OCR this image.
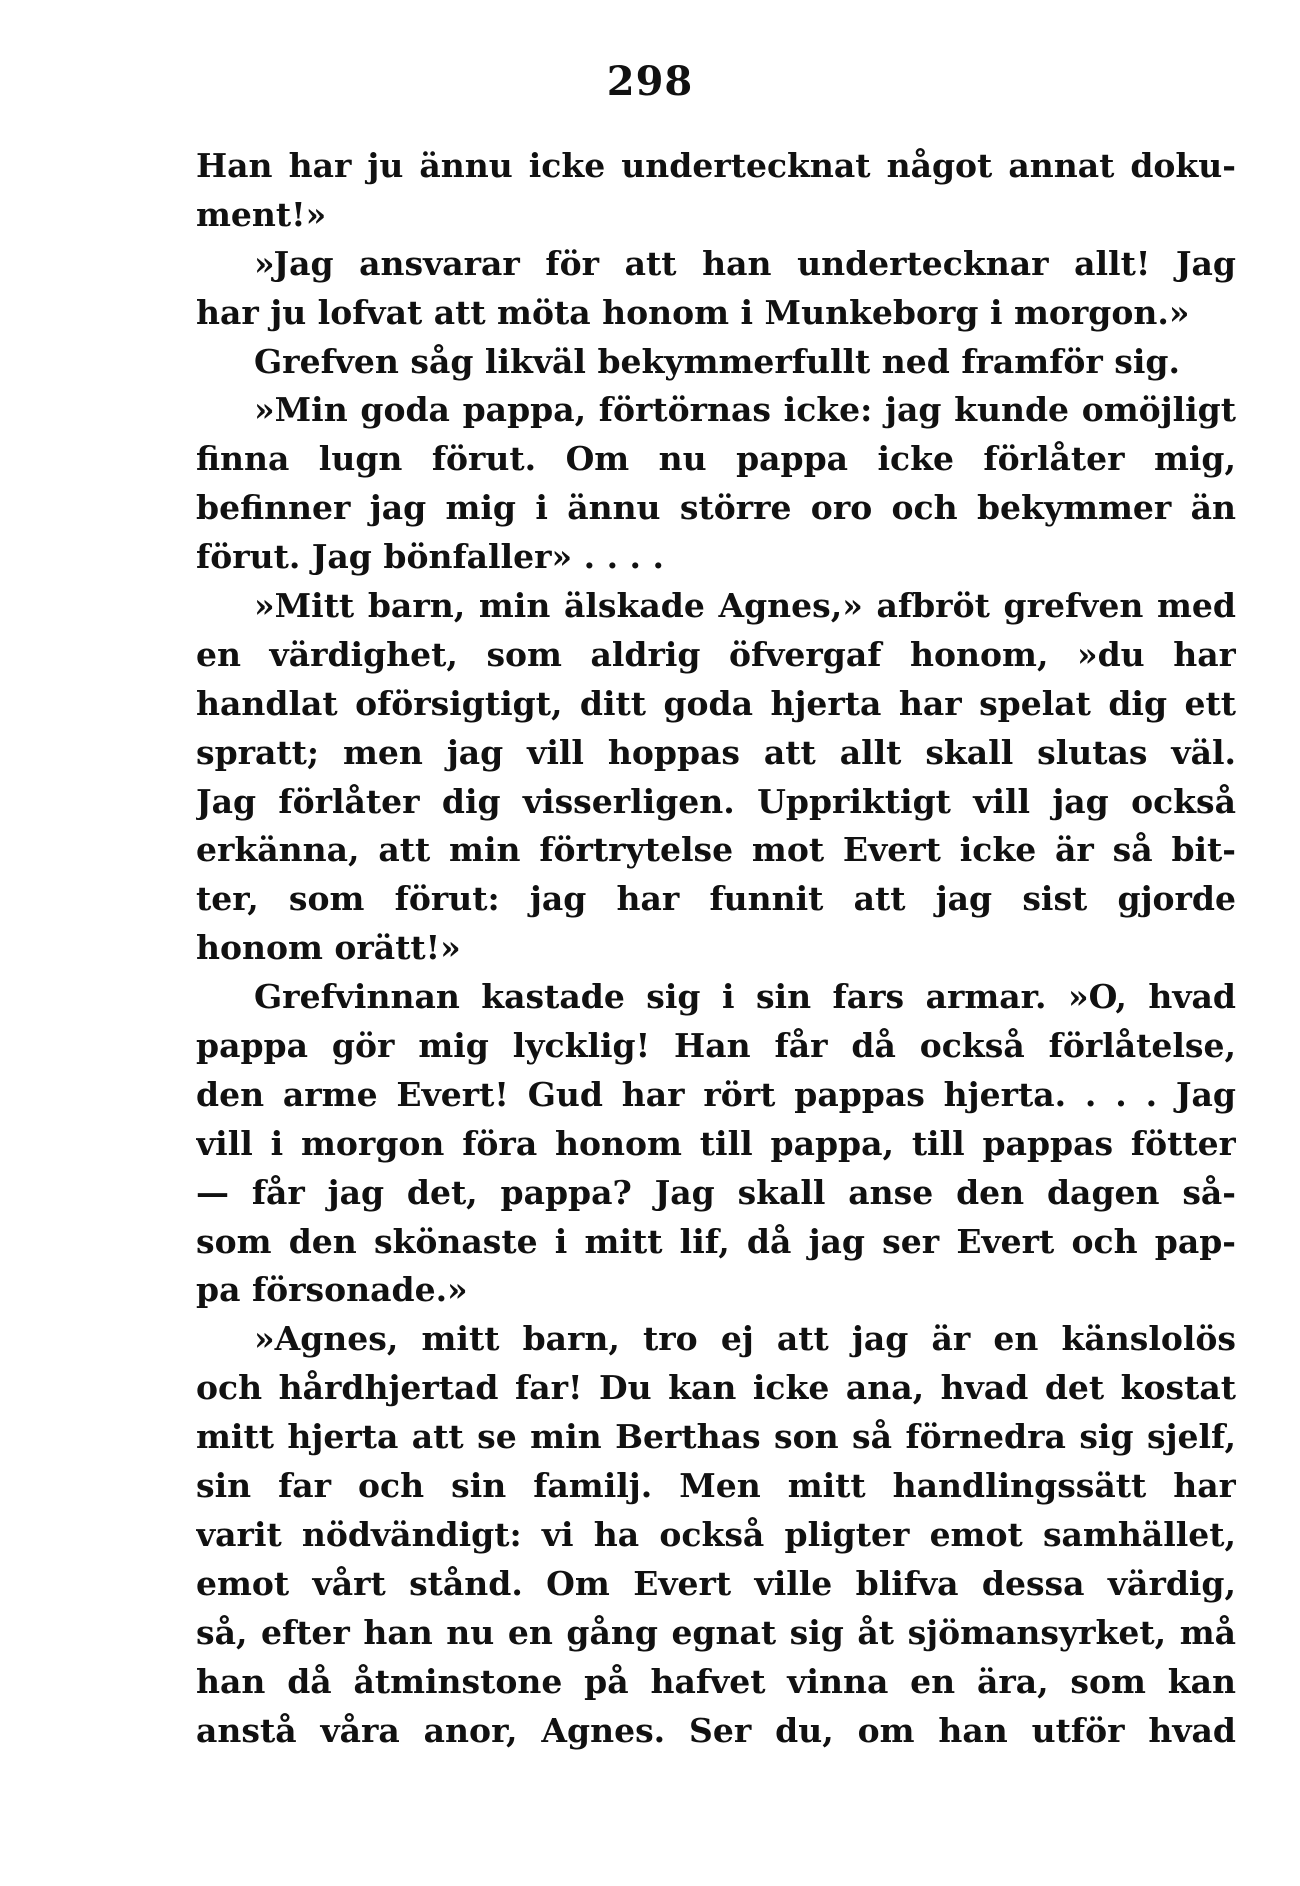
298
Han har ju ännu icke undertecknat något annat doku-
ment!»
»Jag ansvarar för att han undertecknar allt! Jag
har ju lofvat att möta honom i Munkeborg i morgon.»
Grefven såg likväl bekymmerfullt ned framför sig.
»Min goda pappa, förtörnas icke: jag kunde omöjligt
finna lugn förut. Om nu pappa icke förlåter mig,
befinner jag mig i ännu större oro och bekymmer än
förut. Jag bönfaller» . . . .
»Mitt barn, min älskade Agnes,» afbröt grefven med
en värdighet, som aldrig öfvergaf honom, »du har
handlat oförsigtigt, ditt goda hjerta har spelat dig ett
spratt; men jag vill hoppas att allt skall slutas väl.
Jag förlåter dig visserligen. Uppriktigt vill jag också
erkänna, att min förtrytelse mot Evert icke är så bit-
ter, som förut: jag har funnit att jag sist gjorde
honom orätt!»
Grefvinnan kastade sig i sin fars armar. »O, hvad
pappa gör mig lycklig! Han får då också förlåtelse,
den arme Evert! Gud har rört pappas hjerta. . . . Jag
vill i morgon föra honom till pappa, till pappas fötter
— får jag det, pappa? Jag skall anse den dagen så-
som den skönaste i mitt lif, då jag ser Evert och pap-
pa försonade.»
»Agnes, mitt barn, tro ej att jag är en känslolös
och hårdhjertad far! Du kan icke ana, hvad det kostat
mitt hjerta att se min Berthas son så förnedra sig sjelf,
sin far och sin familj. Men mitt handlingssätt har
varit nödvändigt: vi ha också pligter emot samhället,
emot vårt stånd. Om Evert ville blifva dessa värdig,
så, efter han nu en gång egnat sig åt sjömansyrket, må
han då åtminstone på hafvet vinna en ära, som kan
anstå våra anor, Agnes. Ser du, om han utför hvad
